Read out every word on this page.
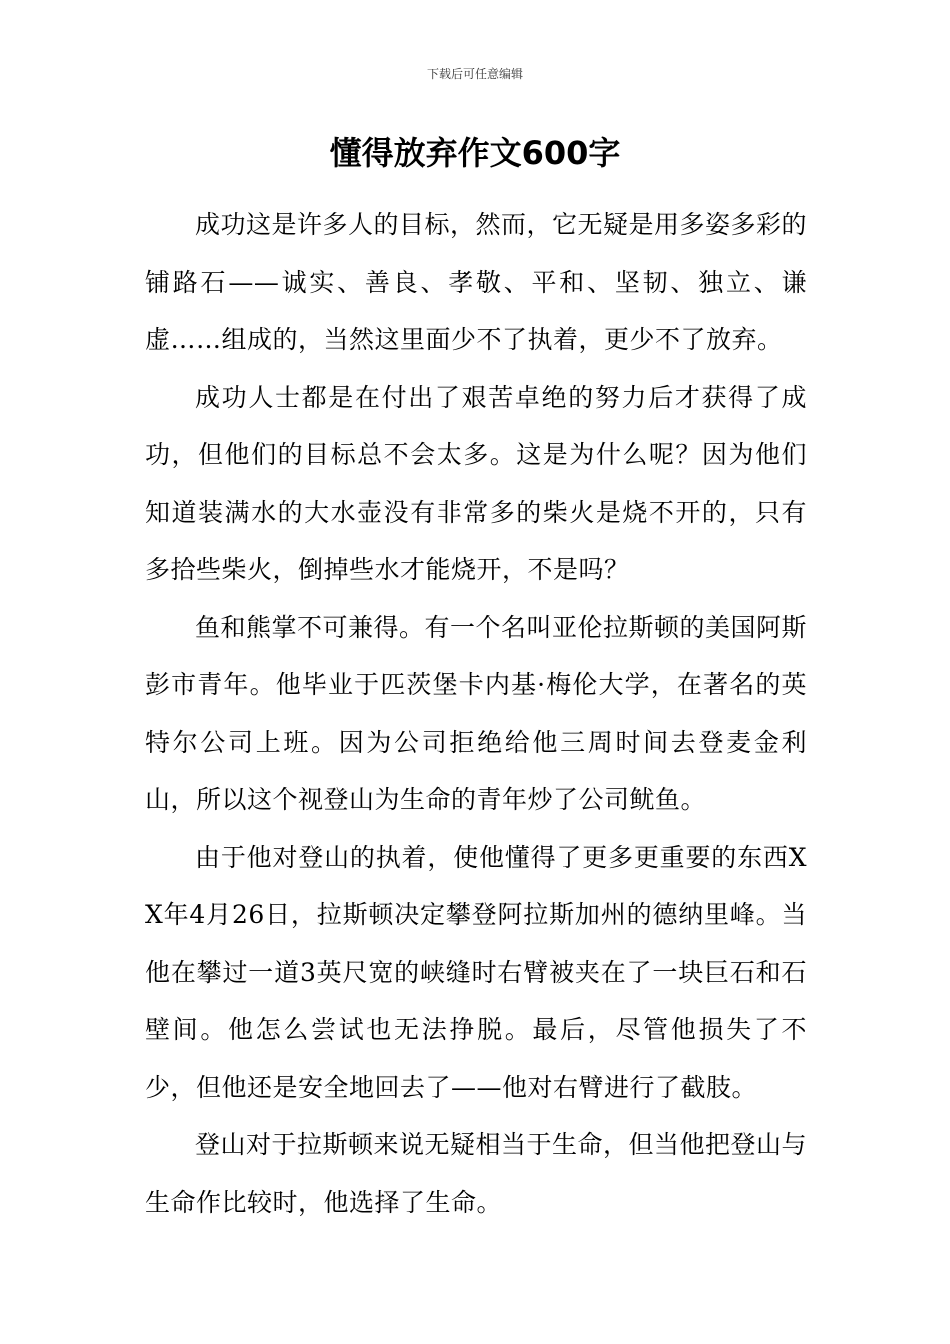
下载后可任意编辑
懂得放弃作文600字

成功这是许多人的目标，然而，它无疑是用多姿多彩的铺路石——诚实、善良、孝敬、平和、坚韧、独立、谦虚……组成的，当然这里面少不了执着，更少不了放弃。

成功人士都是在付出了艰苦卓绝的努力后才获得了成功，但他们的目标总不会太多。这是为什么呢？因为他们知道装满水的大水壶没有非常多的柴火是烧不开的，只有多拾些柴火，倒掉些水才能烧开，不是吗？

鱼和熊掌不可兼得。有一个名叫亚伦拉斯顿的美国阿斯彭市青年。他毕业于匹茨堡卡内基·梅伦大学，在著名的英特尔公司上班。因为公司拒绝给他三周时间去登麦金利山，所以这个视登山为生命的青年炒了公司鱿鱼。

由于他对登山的执着，使他懂得了更多更重要的东西XX年4月26日，拉斯顿决定攀登阿拉斯加州的德纳里峰。当他在攀过一道3英尺宽的峡缝时右臂被夹在了一块巨石和石壁间。他怎么尝试也无法挣脱。最后，尽管他损失了不少，但他还是安全地回去了——他对右臂进行了截肢。

登山对于拉斯顿来说无疑相当于生命，但当他把登山与生命作比较时，他选择了生命。
